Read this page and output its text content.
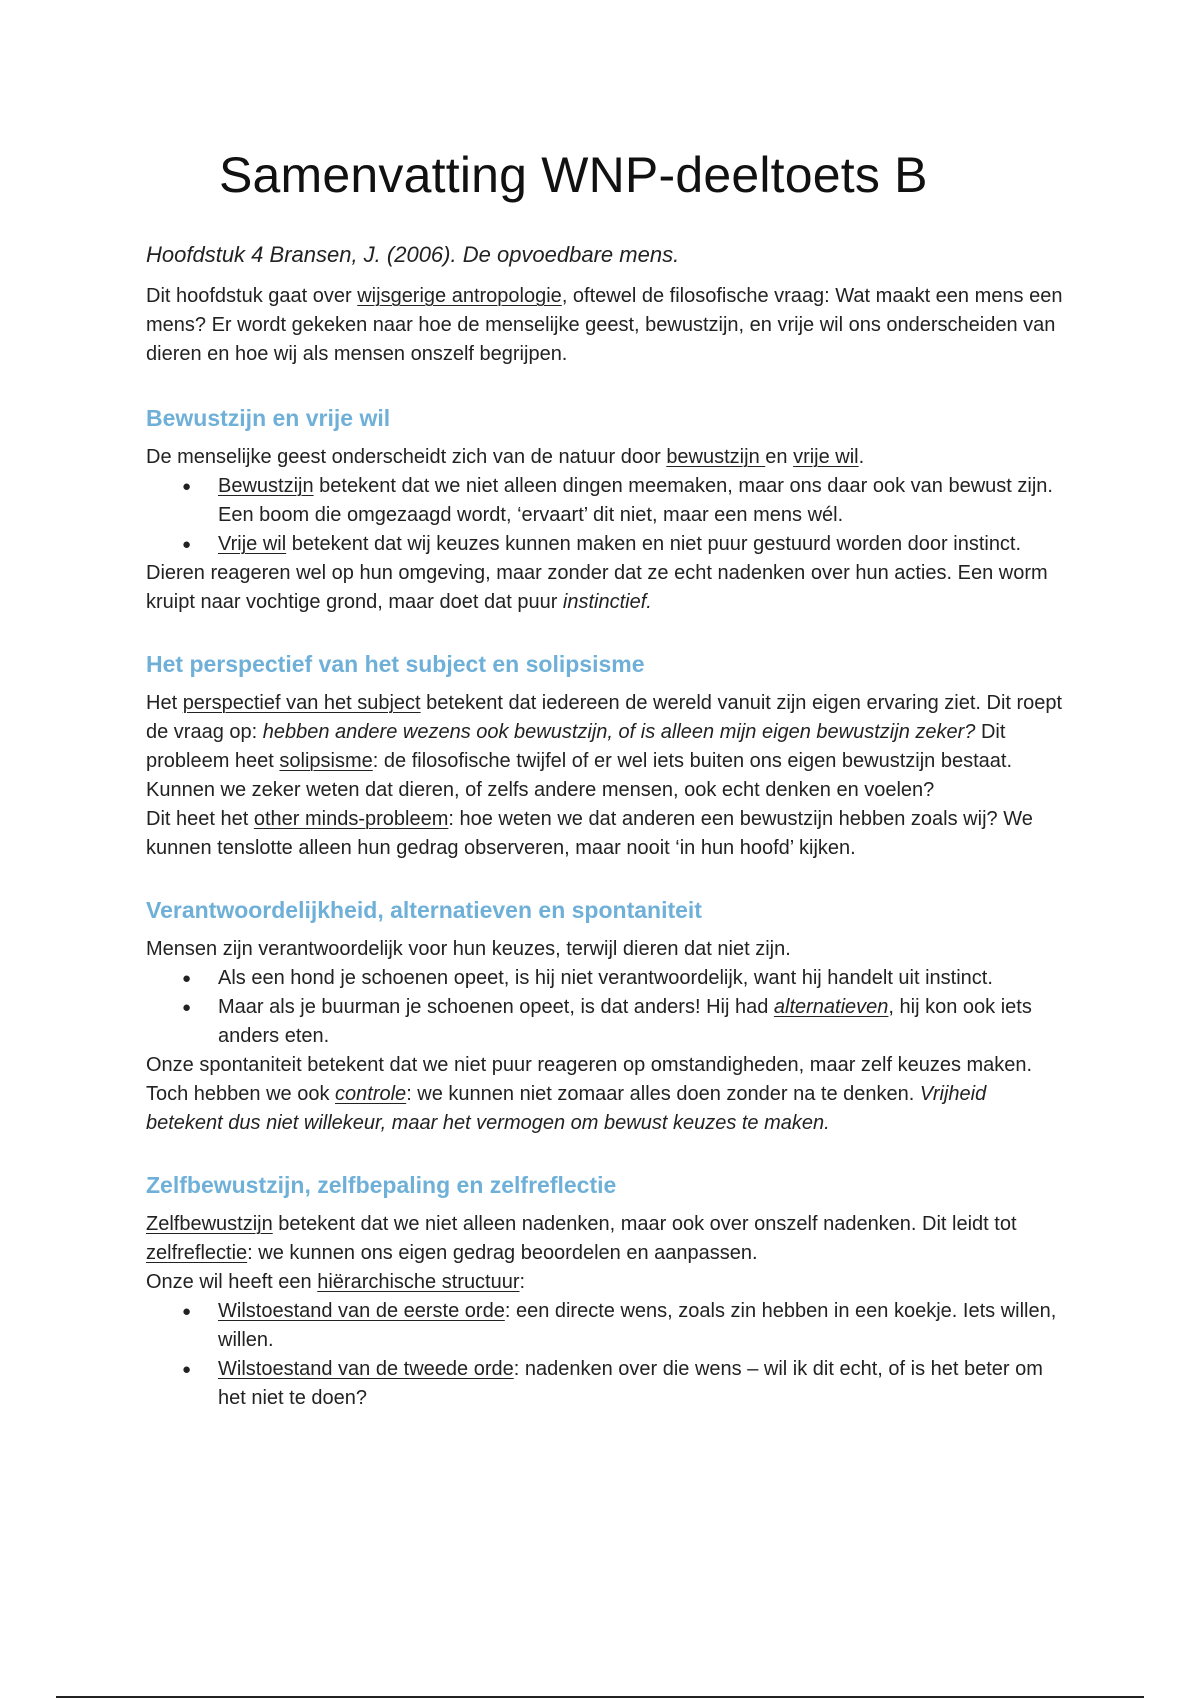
Samenvatting WNP-deeltoets B
Hoofdstuk 4 Bransen, J. (2006). De opvoedbare mens.

Dit hoofdstuk gaat over wijsgerige antropologie, oftewel de filosofische vraag: Wat maakt een mens een mens? Er wordt gekeken naar hoe de menselijke geest, bewustzijn, en vrije wil ons onderscheiden van dieren en hoe wij als mensen onszelf begrijpen.

Bewustzijn en vrije wil

De menselijke geest onderscheidt zich van de natuur door bewustzijn en vrije wil.

● Bewustzijn betekent dat we niet alleen dingen meemaken, maar ons daar ook van bewust zijn. Een boom die omgezaagd wordt, ‘ervaart’ dit niet, maar een mens wél.
● Vrije wil betekent dat wij keuzes kunnen maken en niet puur gestuurd worden door instinct.

Dieren reageren wel op hun omgeving, maar zonder dat ze echt nadenken over hun acties. Een worm kruipt naar vochtige grond, maar doet dat puur instinctief.

Het perspectief van het subject en solipsisme

Het perspectief van het subject betekent dat iedereen de wereld vanuit zijn eigen ervaring ziet. Dit roept de vraag op: hebben andere wezens ook bewustzijn, of is alleen mijn eigen bewustzijn zeker? Dit probleem heet solipsisme: de filosofische twijfel of er wel iets buiten ons eigen bewustzijn bestaat. Kunnen we zeker weten dat dieren, of zelfs andere mensen, ook echt denken en voelen?

Dit heet het other minds-probleem: hoe weten we dat anderen een bewustzijn hebben zoals wij? We kunnen tenslotte alleen hun gedrag observeren, maar nooit ‘in hun hoofd’ kijken.

Verantwoordelijkheid, alternatieven en spontaniteit

Mensen zijn verantwoordelijk voor hun keuzes, terwijl dieren dat niet zijn.

● Als een hond je schoenen opeet, is hij niet verantwoordelijk, want hij handelt uit instinct.
● Maar als je buurman je schoenen opeet, is dat anders! Hij had alternatieven, hij kon ook iets anders eten.

Onze spontaniteit betekent dat we niet puur reageren op omstandigheden, maar zelf keuzes maken. Toch hebben we ook controle: we kunnen niet zomaar alles doen zonder na te denken. Vrijheid betekent dus niet willekeur, maar het vermogen om bewust keuzes te maken.

Zelfbewustzijn, zelfbepaling en zelfreflectie

Zelfbewustzijn betekent dat we niet alleen nadenken, maar ook over onszelf nadenken. Dit leidt tot zelfreflectie: we kunnen ons eigen gedrag beoordelen en aanpassen.

Onze wil heeft een hiërarchische structuur:

● Wilstoestand van de eerste orde: een directe wens, zoals zin hebben in een koekje. Iets willen, willen.
● Wilstoestand van de tweede orde: nadenken over die wens – wil ik dit echt, of is het beter om het niet te doen?
